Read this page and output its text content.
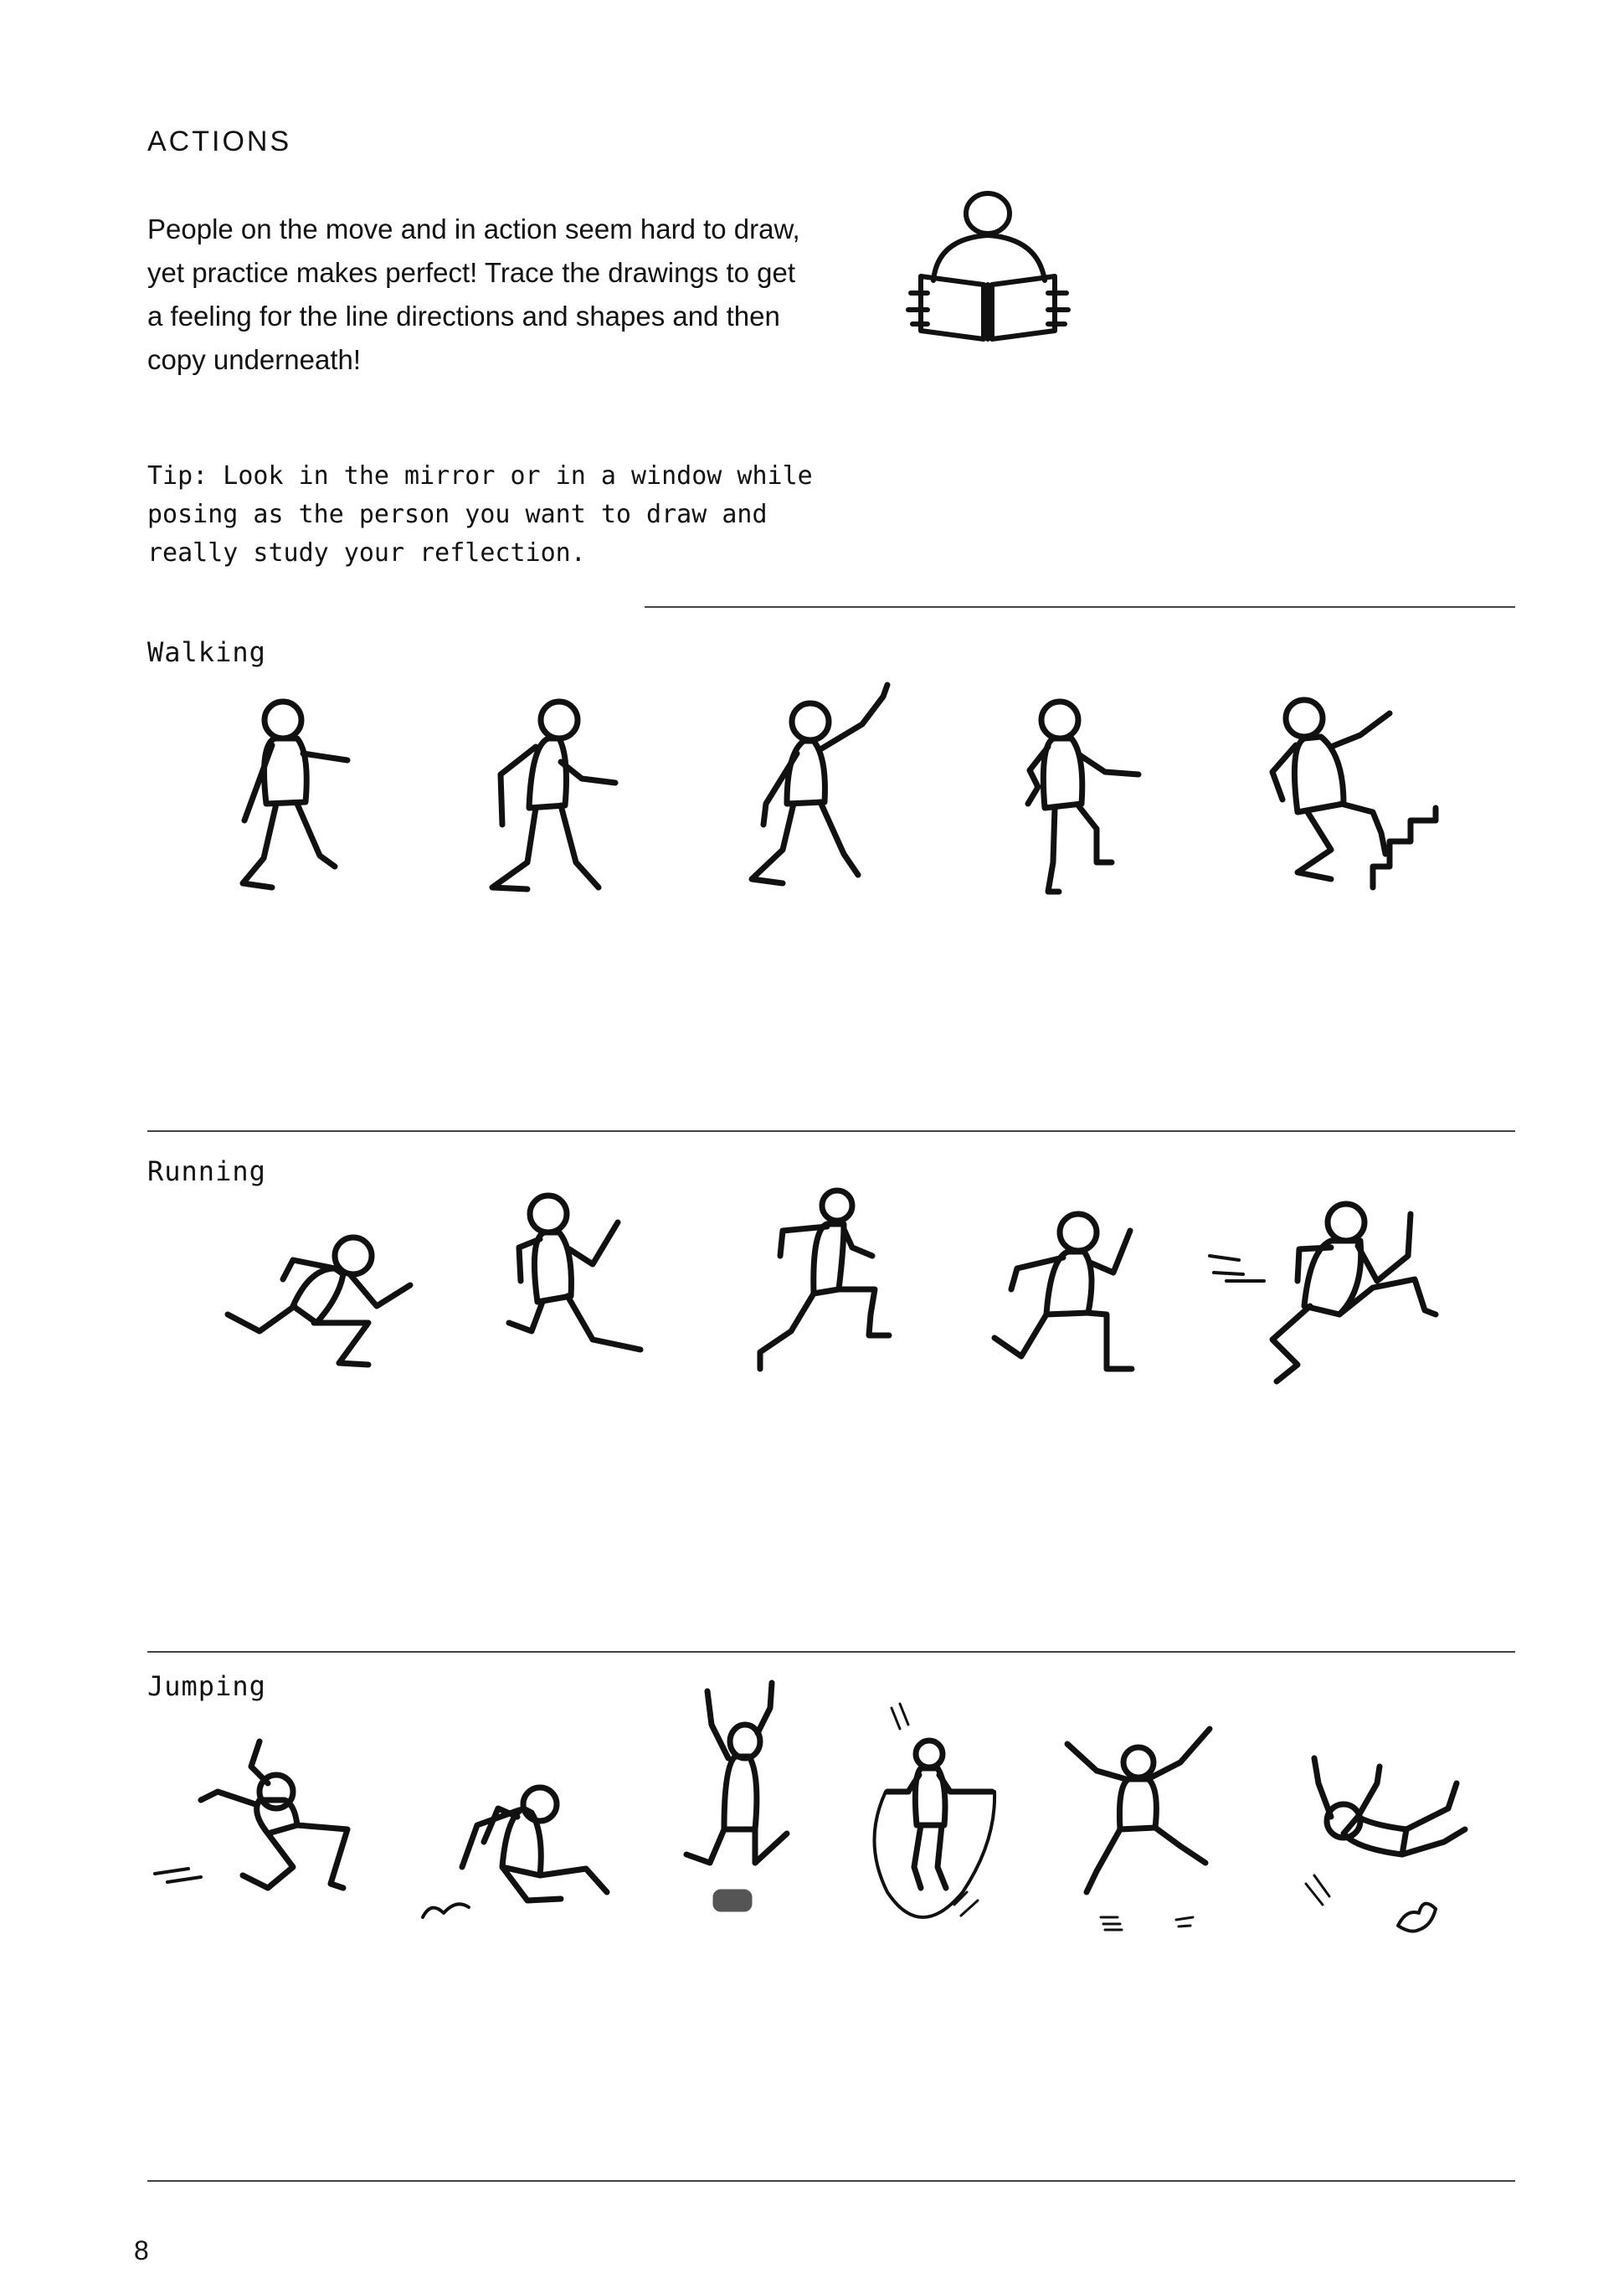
ACTIONS

People on the move and in action seem hard to draw, yet practice makes perfect! Trace the drawings to get a feeling for the line directions and shapes and then copy underneath!

Tip: Look in the mirror or in a window while posing as the person you want to draw and really study your reflection.

Walking

Running

Jumping

8
